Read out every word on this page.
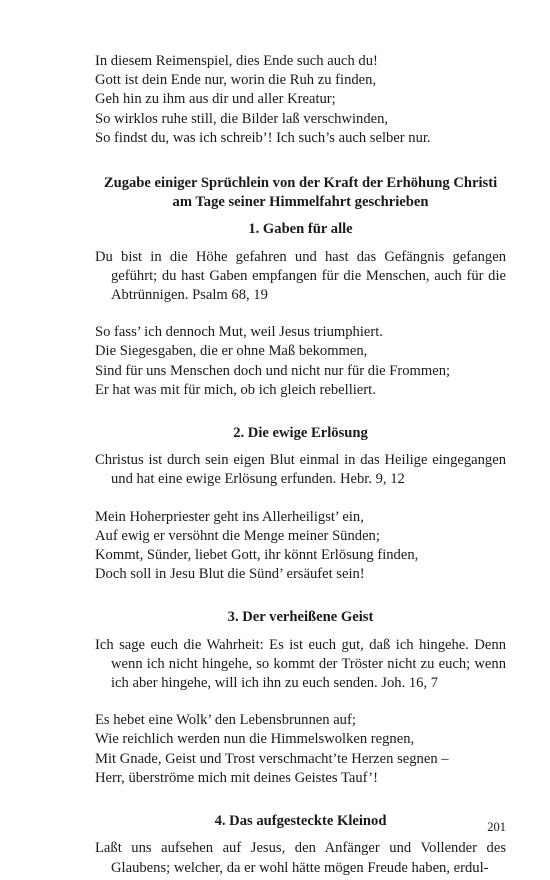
In diesem Reimenspiel, dies Ende such auch du!
Gott ist dein Ende nur, worin die Ruh zu finden,
Geh hin zu ihm aus dir und aller Kreatur;
So wirklos ruhe still, die Bilder laß verschwinden,
So findst du, was ich schreib’! Ich such’s auch selber nur.
Zugabe einiger Sprüchlein von der Kraft der Erhöhung Christi
am Tage seiner Himmelfahrt geschrieben
1. Gaben für alle
Du bist in die Höhe gefahren und hast das Gefängnis gefangen geführt; du hast Gaben empfangen für die Menschen, auch für die Abtrünnigen. Psalm 68, 19
So fass’ ich dennoch Mut, weil Jesus triumphiert.
Die Siegesgaben, die er ohne Maß bekommen,
Sind für uns Menschen doch und nicht nur für die Frommen;
Er hat was mit für mich, ob ich gleich rebelliert.
2. Die ewige Erlösung
Christus ist durch sein eigen Blut einmal in das Heilige eingegangen und hat eine ewige Erlösung erfunden. Hebr. 9, 12
Mein Hoherpriester geht ins Allerheiligst’ ein,
Auf ewig er versöhnt die Menge meiner Sünden;
Kommt, Sünder, liebet Gott, ihr könnt Erlösung finden,
Doch soll in Jesu Blut die Sünd’ ersäufet sein!
3. Der verheißene Geist
Ich sage euch die Wahrheit: Es ist euch gut, daß ich hingehe. Denn wenn ich nicht hingehe, so kommt der Tröster nicht zu euch; wenn ich aber hingehe, will ich ihn zu euch senden. Joh. 16, 7
Es hebet eine Wolk’ den Lebensbrunnen auf;
Wie reichlich werden nun die Himmelswolken regnen,
Mit Gnade, Geist und Trost verschmacht’te Herzen segnen –
Herr, überströme mich mit deines Geistes Tauf’!
4. Das aufgesteckte Kleinod
Laßt uns aufsehen auf Jesus, den Anfänger und Vollender des Glaubens; welcher, da er wohl hätte mögen Freude haben, erdul-
201
